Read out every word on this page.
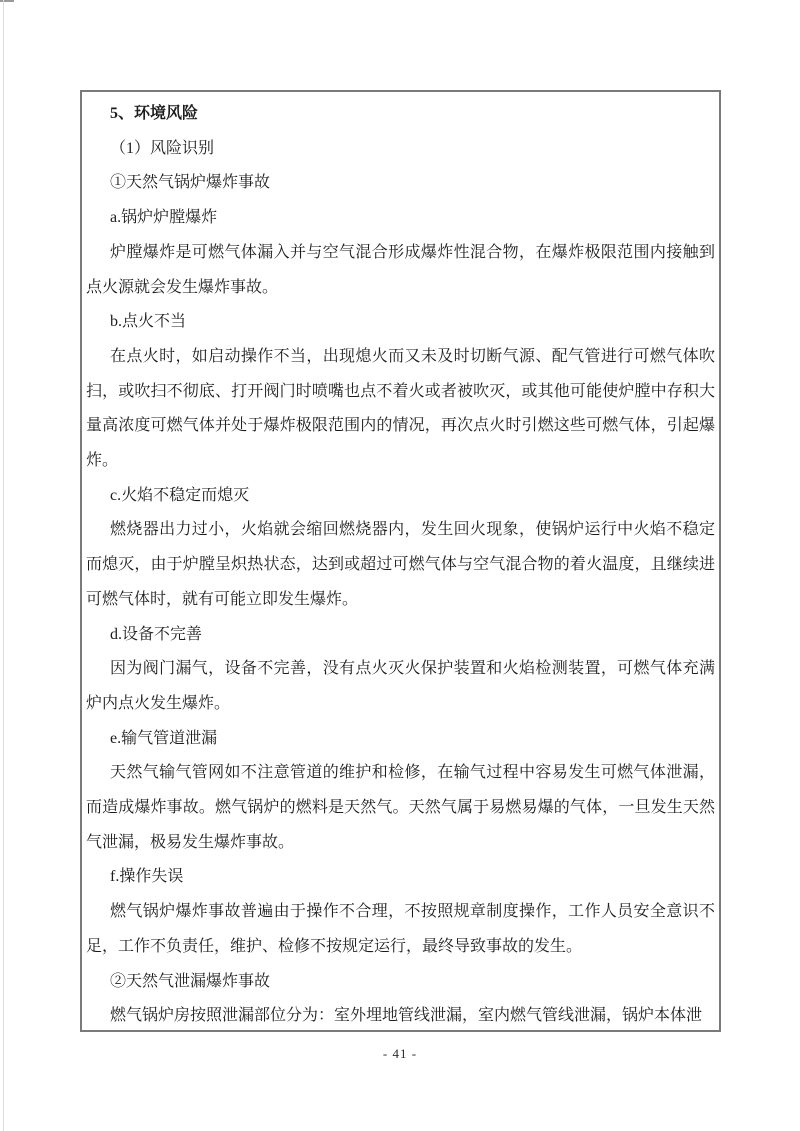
5、环境风险

（1）风险识别

①天然气锅炉爆炸事故

a.锅炉炉膛爆炸

炉膛爆炸是可燃气体漏入并与空气混合形成爆炸性混合物，在爆炸极限范围内接触到点火源就会发生爆炸事故。

b.点火不当

在点火时，如启动操作不当，出现熄火而又未及时切断气源、配气管进行可燃气体吹扫，或吹扫不彻底、打开阀门时喷嘴也点不着火或者被吹灭，或其他可能使炉膛中存积大量高浓度可燃气体并处于爆炸极限范围内的情况，再次点火时引燃这些可燃气体，引起爆炸。

c.火焰不稳定而熄灭

燃烧器出力过小，火焰就会缩回燃烧器内，发生回火现象，使锅炉运行中火焰不稳定而熄灭，由于炉膛呈炽热状态，达到或超过可燃气体与空气混合物的着火温度，且继续进可燃气体时，就有可能立即发生爆炸。

d.设备不完善

因为阀门漏气，设备不完善，没有点火灭火保护装置和火焰检测装置，可燃气体充满炉内点火发生爆炸。

e.输气管道泄漏

天然气输气管网如不注意管道的维护和检修，在输气过程中容易发生可燃气体泄漏，而造成爆炸事故。燃气锅炉的燃料是天然气。天然气属于易燃易爆的气体，一旦发生天然气泄漏，极易发生爆炸事故。

f.操作失误

燃气锅炉爆炸事故普遍由于操作不合理，不按照规章制度操作，工作人员安全意识不足，工作不负责任，维护、检修不按规定运行，最终导致事故的发生。

②天然气泄漏爆炸事故

燃气锅炉房按照泄漏部位分为：室外埋地管线泄漏，室内燃气管线泄漏，锅炉本体泄

- 41 -
